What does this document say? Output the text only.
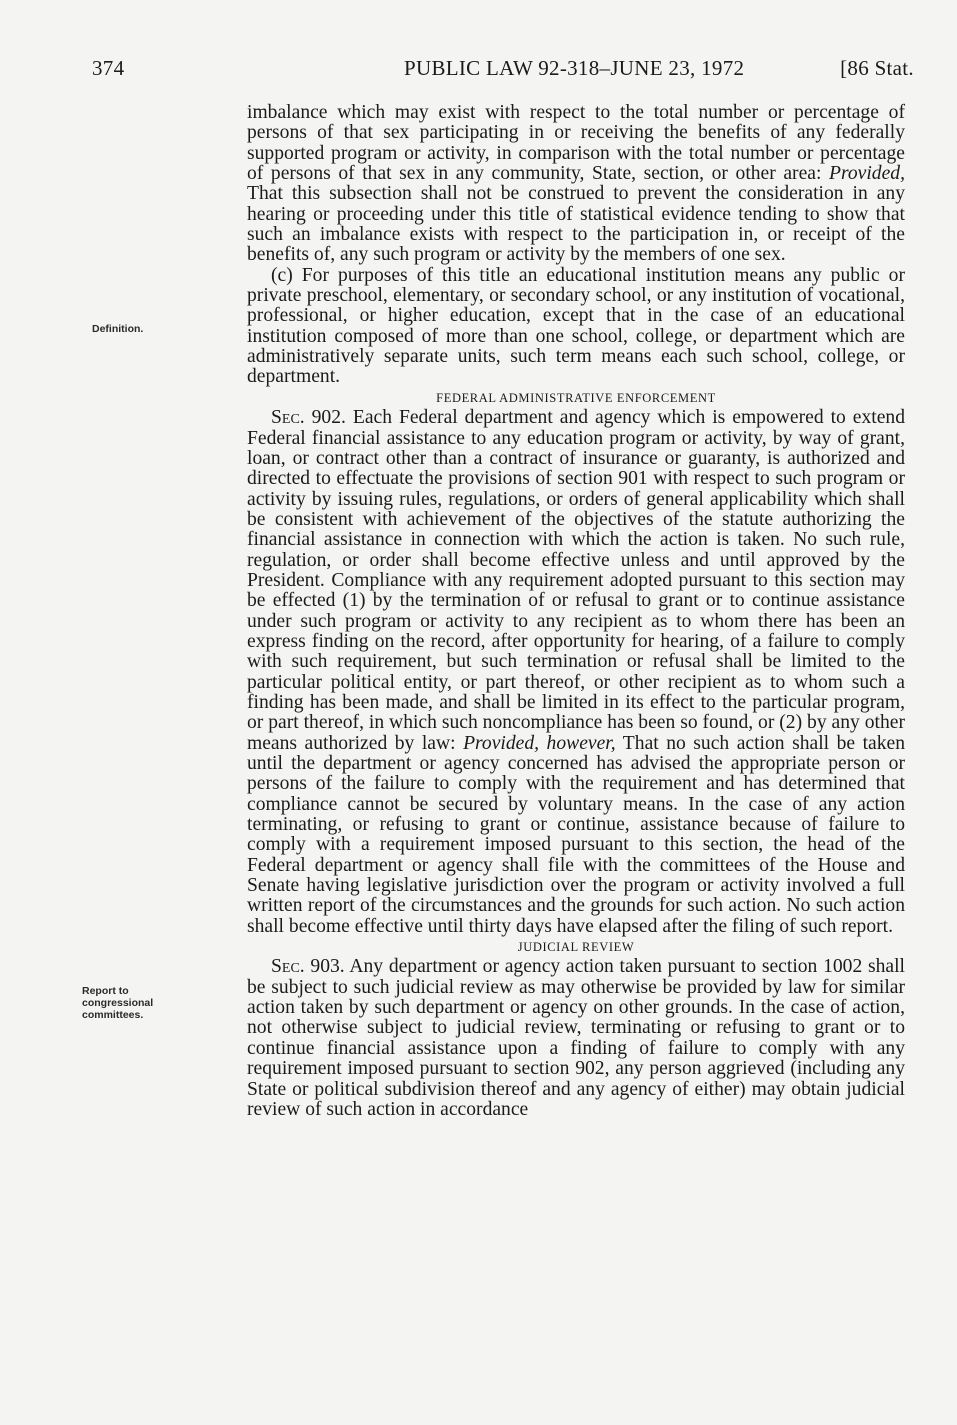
374	PUBLIC LAW 92-318–JUNE 23, 1972	[86 Stat.
Definition.
Report to congressional committees.

imbalance which may exist with respect to the total number or percentage of persons of that sex participating in or receiving the benefits of any federally supported program or activity, in comparison with the total number or percentage of persons of that sex in any community, State, section, or other area: Provided, That this subsection shall not be construed to prevent the consideration in any hearing or proceeding under this title of statistical evidence tending to show that such an imbalance exists with respect to the participation in, or receipt of the benefits of, any such program or activity by the members of one sex.

(c) For purposes of this title an educational institution means any public or private preschool, elementary, or secondary school, or any institution of vocational, professional, or higher education, except that in the case of an educational institution composed of more than one school, college, or department which are administratively separate units, such term means each such school, college, or department.

FEDERAL ADMINISTRATIVE ENFORCEMENT

Sec. 902. Each Federal department and agency which is empowered to extend Federal financial assistance to any education program or activity, by way of grant, loan, or contract other than a contract of insurance or guaranty, is authorized and directed to effectuate the provisions of section 901 with respect to such program or activity by issuing rules, regulations, or orders of general applicability which shall be consistent with achievement of the objectives of the statute authorizing the financial assistance in connection with which the action is taken. No such rule, regulation, or order shall become effective unless and until approved by the President. Compliance with any requirement adopted pursuant to this section may be effected (1) by the termination of or refusal to grant or to continue assistance under such program or activity to any recipient as to whom there has been an express finding on the record, after opportunity for hearing, of a failure to comply with such requirement, but such termination or refusal shall be limited to the particular political entity, or part thereof, or other recipient as to whom such a finding has been made, and shall be limited in its effect to the particular program, or part thereof, in which such noncompliance has been so found, or (2) by any other means authorized by law: Provided, however, That no such action shall be taken until the department or agency concerned has advised the appropriate person or persons of the failure to comply with the requirement and has determined that compliance cannot be secured by voluntary means. In the case of any action terminating, or refusing to grant or continue, assistance because of failure to comply with a requirement imposed pursuant to this section, the head of the Federal department or agency shall file with the committees of the House and Senate having legislative jurisdiction over the program or activity involved a full written report of the circumstances and the grounds for such action. No such action shall become effective until thirty days have elapsed after the filing of such report.

JUDICIAL REVIEW

Sec. 903. Any department or agency action taken pursuant to section 1002 shall be subject to such judicial review as may otherwise be provided by law for similar action taken by such department or agency on other grounds. In the case of action, not otherwise subject to judicial review, terminating or refusing to grant or to continue financial assistance upon a finding of failure to comply with any requirement imposed pursuant to section 902, any person aggrieved (including any State or political subdivision thereof and any agency of either) may obtain judicial review of such action in accordance
